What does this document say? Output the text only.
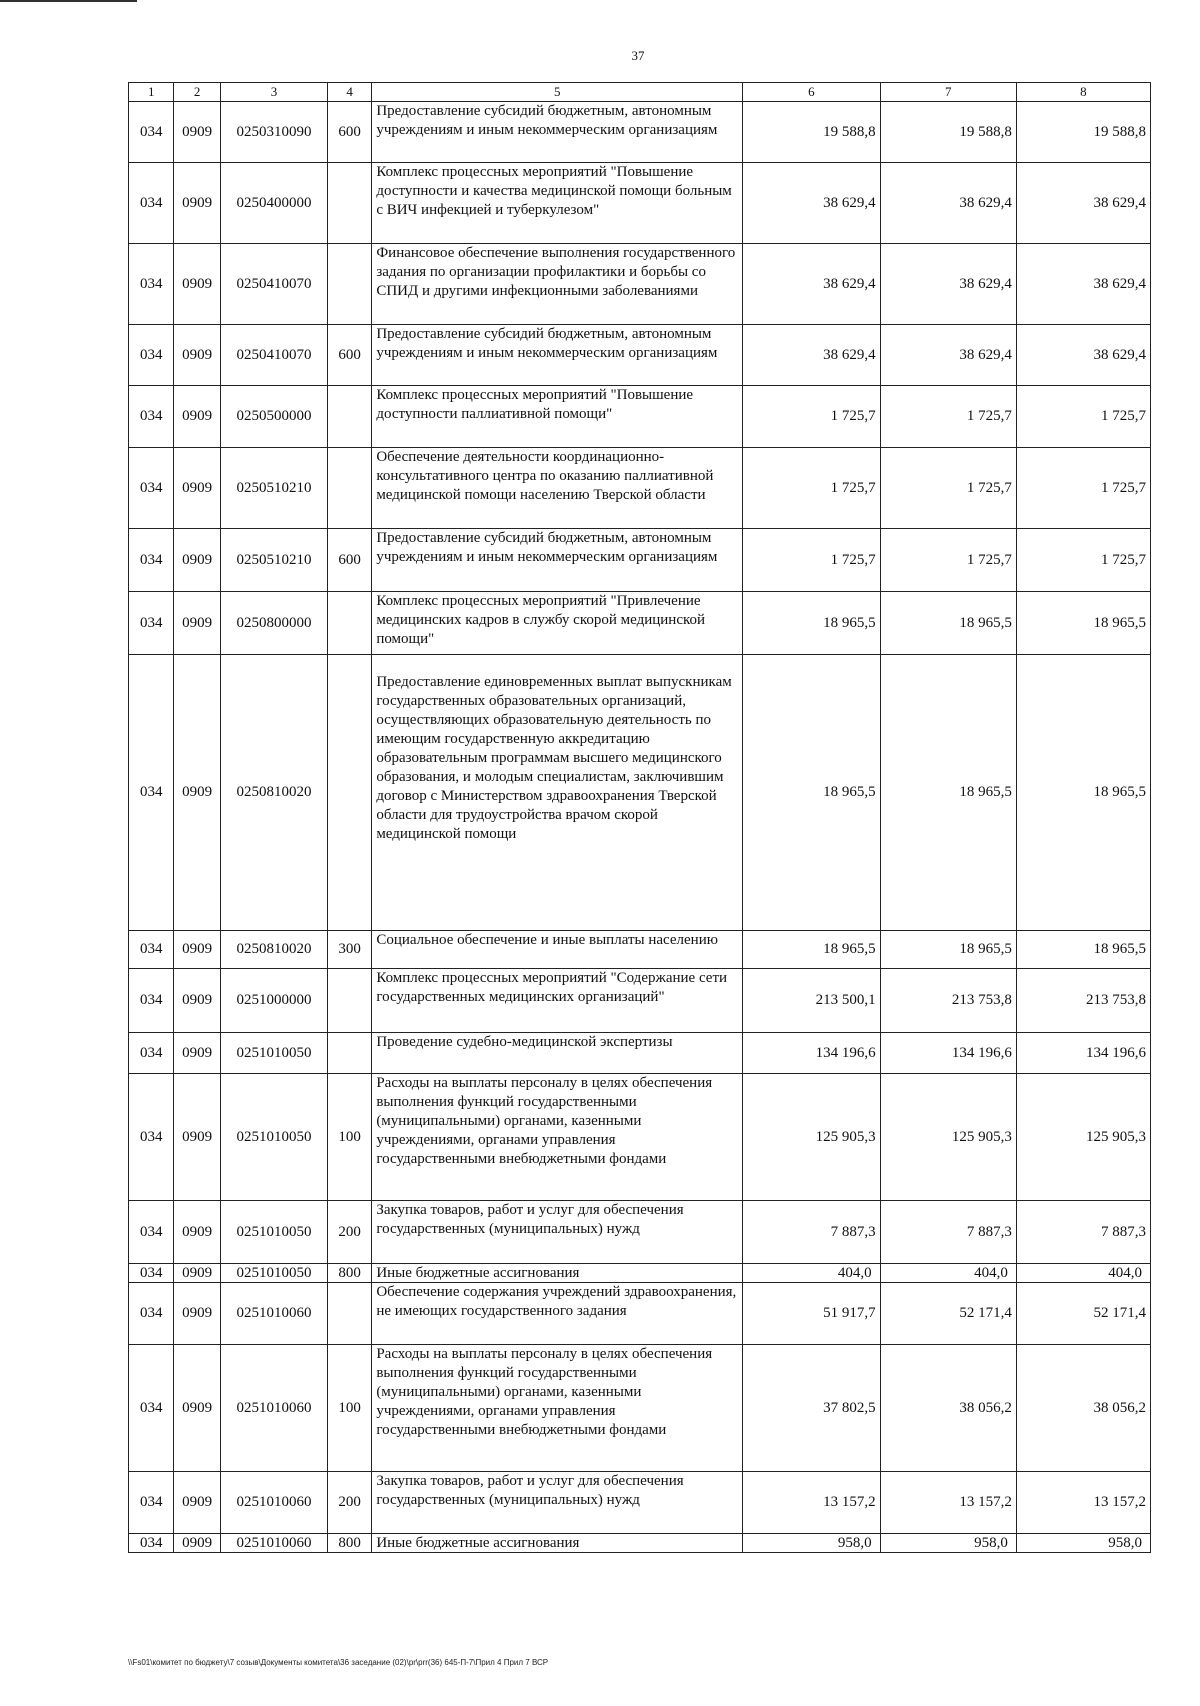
37
1	2	3	4	5	6	7	8
034	0909	0250310090	600	Предоставление субсидий бюджетным, автономным учреждениям и иным некоммерческим организациям	19 588,8	19 588,8	19 588,8
034	0909	0250400000		Комплекс процессных мероприятий "Повышение доступности и качества медицинской помощи больным с ВИЧ инфекцией и туберкулезом"	38 629,4	38 629,4	38 629,4
034	0909	0250410070		Финансовое обеспечение выполнения государственного задания по организации профилактики и борьбы со СПИД и другими инфекционными заболеваниями	38 629,4	38 629,4	38 629,4
034	0909	0250410070	600	Предоставление субсидий бюджетным, автономным учреждениям и иным некоммерческим организациям	38 629,4	38 629,4	38 629,4
034	0909	0250500000		Комплекс процессных мероприятий "Повышение доступности паллиативной помощи"	1 725,7	1 725,7	1 725,7
034	0909	0250510210		Обеспечение деятельности координационно-консультативного центра по оказанию паллиативной медицинской помощи населению Тверской области	1 725,7	1 725,7	1 725,7
034	0909	0250510210	600	Предоставление субсидий бюджетным, автономным учреждениям и иным некоммерческим организациям	1 725,7	1 725,7	1 725,7
034	0909	0250800000		Комплекс процессных мероприятий "Привлечение медицинских кадров в службу скорой медицинской помощи"	18 965,5	18 965,5	18 965,5
034	0909	0250810020		Предоставление единовременных выплат выпускникам государственных образовательных организаций, осуществляющих образовательную деятельность по имеющим государственную аккредитацию образовательным программам высшего медицинского образования, и молодым специалистам, заключившим договор с Министерством здравоохранения Тверской области для трудоустройства врачом скорой медицинской помощи	18 965,5	18 965,5	18 965,5
034	0909	0250810020	300	Социальное обеспечение и иные выплаты населению	18 965,5	18 965,5	18 965,5
034	0909	0251000000		Комплекс процессных мероприятий "Содержание сети государственных медицинских организаций"	213 500,1	213 753,8	213 753,8
034	0909	0251010050		Проведение судебно-медицинской экспертизы	134 196,6	134 196,6	134 196,6
034	0909	0251010050	100	Расходы на выплаты персоналу в целях обеспечения выполнения функций государственными (муниципальными) органами, казенными учреждениями, органами управления государственными внебюджетными фондами	125 905,3	125 905,3	125 905,3
034	0909	0251010050	200	Закупка товаров, работ и услуг для обеспечения государственных (муниципальных) нужд	7 887,3	7 887,3	7 887,3
034	0909	0251010050	800	Иные бюджетные ассигнования	404,0	404,0	404,0
034	0909	0251010060		Обеспечение содержания учреждений здравоохранения, не имеющих государственного задания	51 917,7	52 171,4	52 171,4
034	0909	0251010060	100	Расходы на выплаты персоналу в целях обеспечения выполнения функций государственными (муниципальными) органами, казенными учреждениями, органами управления государственными внебюджетными фондами	37 802,5	38 056,2	38 056,2
034	0909	0251010060	200	Закупка товаров, работ и услуг для обеспечения государственных (муниципальных) нужд	13 157,2	13 157,2	13 157,2
034	0909	0251010060	800	Иные бюджетные ассигнования	958,0	958,0	958,0
\\Fs01\комитет по бюджету\7 созыв\Документы комитета\36 заседание (02)\pr\prr(36) 645-П-7\Прил 4 Прил 7 ВСР
